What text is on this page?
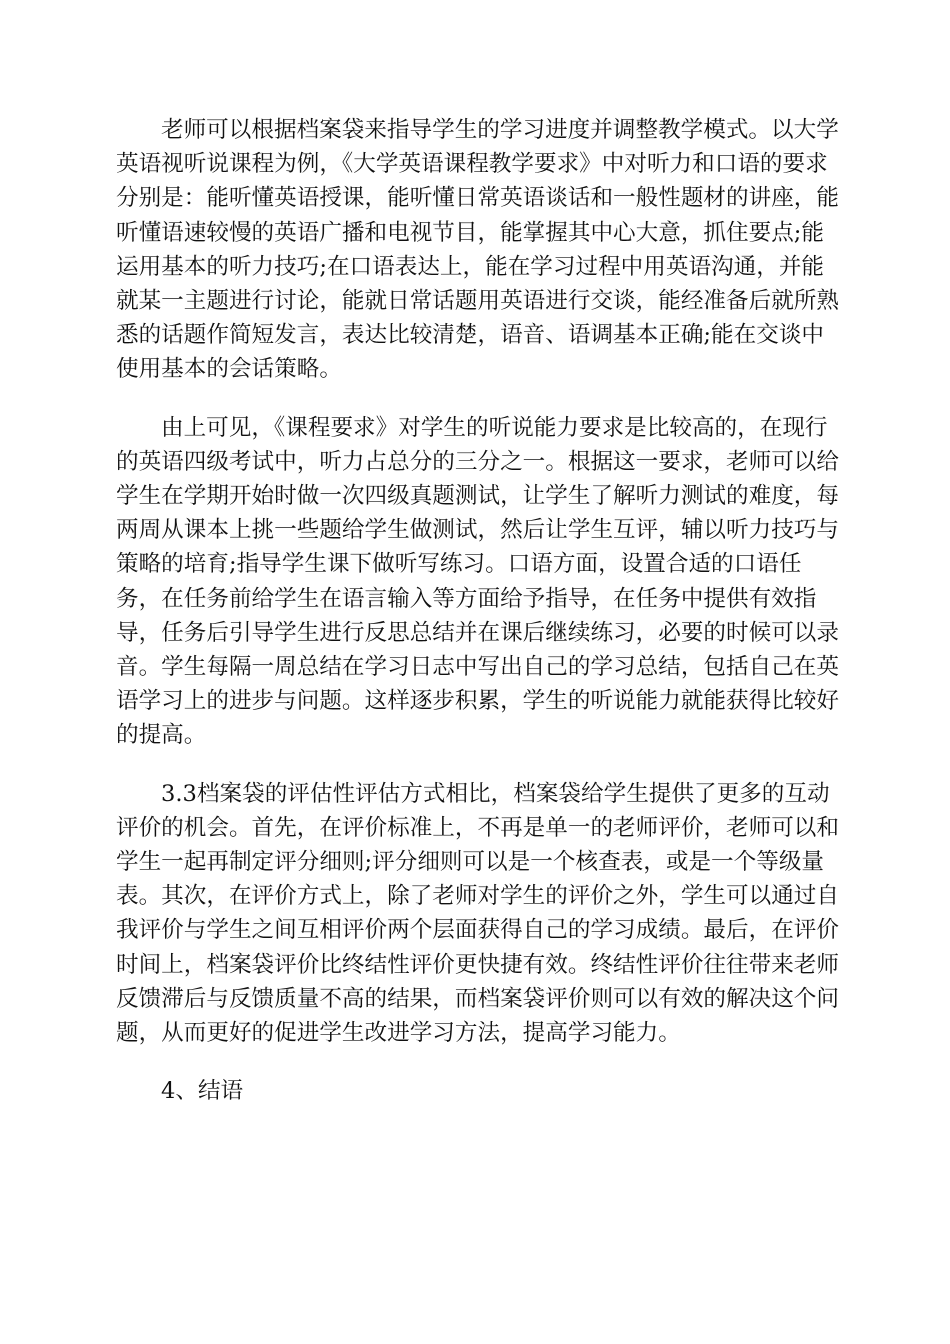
老师可以根据档案袋来指导学生的学习进度并调整教学模式。以大学
英语视听说课程为例，《大学英语课程教学要求》中对听力和口语的要求
分别是：能听懂英语授课，能听懂日常英语谈话和一般性题材的讲座，能
听懂语速较慢的英语广播和电视节目，能掌握其中心大意，抓住要点;能
运用基本的听力技巧;在口语表达上，能在学习过程中用英语沟通，并能
就某一主题进行讨论，能就日常话题用英语进行交谈，能经准备后就所熟
悉的话题作简短发言，表达比较清楚，语音、语调基本正确;能在交谈中
使用基本的会话策略。

由上可见，《课程要求》对学生的听说能力要求是比较高的，在现行
的英语四级考试中，听力占总分的三分之一。根据这一要求，老师可以给
学生在学期开始时做一次四级真题测试，让学生了解听力测试的难度，每
两周从课本上挑一些题给学生做测试，然后让学生互评，辅以听力技巧与
策略的培育;指导学生课下做听写练习。口语方面，设置合适的口语任
务，在任务前给学生在语言输入等方面给予指导，在任务中提供有效指
导，任务后引导学生进行反思总结并在课后继续练习，必要的时候可以录
音。学生每隔一周总结在学习日志中写出自己的学习总结，包括自己在英
语学习上的进步与问题。这样逐步积累，学生的听说能力就能获得比较好
的提高。

3.3档案袋的评估性评估方式相比，档案袋给学生提供了更多的互动
评价的机会。首先，在评价标准上，不再是单一的老师评价，老师可以和
学生一起再制定评分细则;评分细则可以是一个核查表，或是一个等级量
表。其次，在评价方式上，除了老师对学生的评价之外，学生可以通过自
我评价与学生之间互相评价两个层面获得自己的学习成绩。最后，在评价
时间上，档案袋评价比终结性评价更快捷有效。终结性评价往往带来老师
反馈滞后与反馈质量不高的结果，而档案袋评价则可以有效的解决这个问
题，从而更好的促进学生改进学习方法，提高学习能力。

4、结语
